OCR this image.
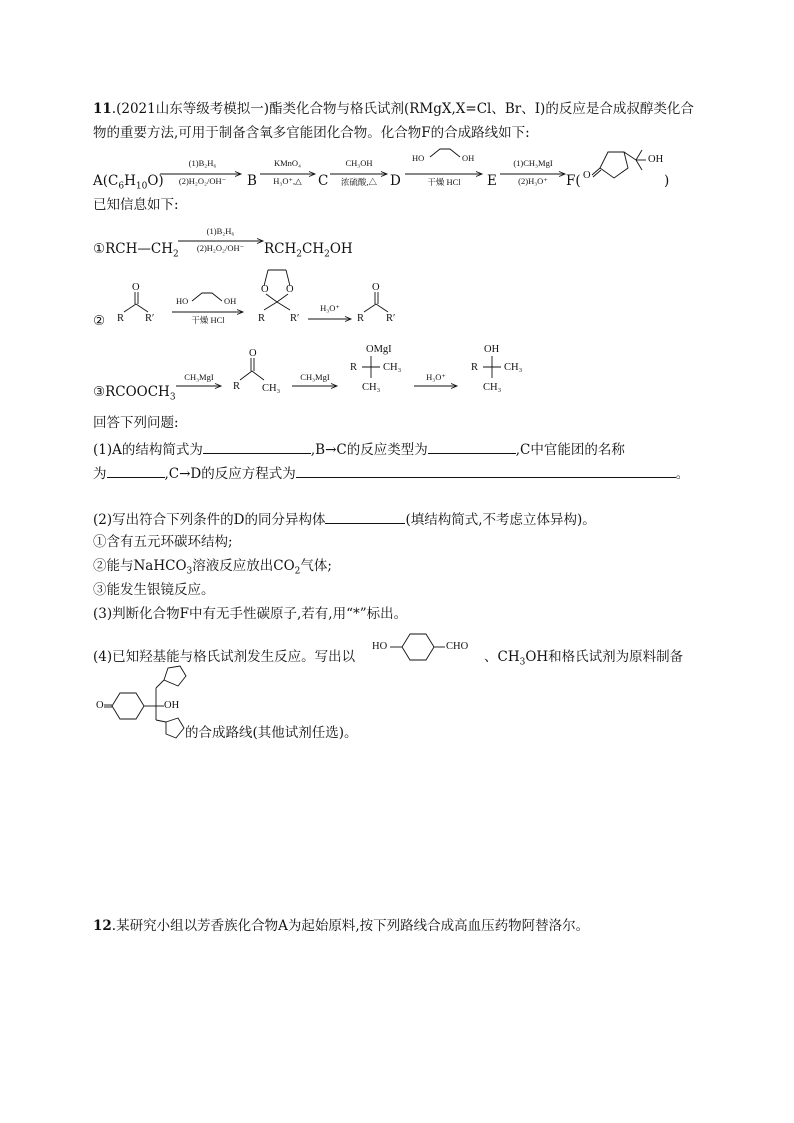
11.(2021山东等级考模拟一)酯类化合物与格氏试剂(RMgX,X=Cl、Br、I)的反应是合成叔醇类化合
物的重要方法,可用于制备含氧多官能团化合物。化合物F的合成路线如下:
$A(C_6H_{10}O)$
(1)B₂H₆
(2)H₂O₂/OH⁻	B
KMnO₄
H₃O⁺,△	C
CH₃OH
浓硫酸,△ D
HO	OH
干燥 HCl	E
(1)CH₃MgI
(2)H₃O⁺	F( O
OH
)
已知信息如下:
$①RCH—CH_2$
(1)B₂H₆
(2)H₂O₂/OH⁻	$RCH_2CH_2OH$
②
O
R R′
HO	OH
干燥 HCl
O O
R R′
H₃O⁺
O
R R′
$③RCOOCH_3$
CH₃MgI
O
R CH₃
CH₃MgI
OMgI
R CH₃
CH₃
H₃O⁺
OH
R CH₃
CH₃
回答下列问题:
(1)A的结构简式为	,B→C的反应类型为	,C中官能团的名称
为	,C→D的反应方程式为	。
(2)写出符合下列条件的D的同分异构体	(填结构简式,不考虑立体异构)。
①含有五元环碳环结构;
②能与NaHCO$_3$溶液反应放出$CO_2$气体;
③能发生银镜反应。
(3)判断化合物F中有无手性碳原子,若有,用“*”标出。
(4)已知羟基能与格氏试剂发生反应。写出以
HO	CHO
、$CH_3OH$和格氏试剂为原料制备
O	OH
的合成路线(其他试剂任选)。
12.某研究小组以芳香族化合物A为起始原料,按下列路线合成高血压药物阿替洛尔。
